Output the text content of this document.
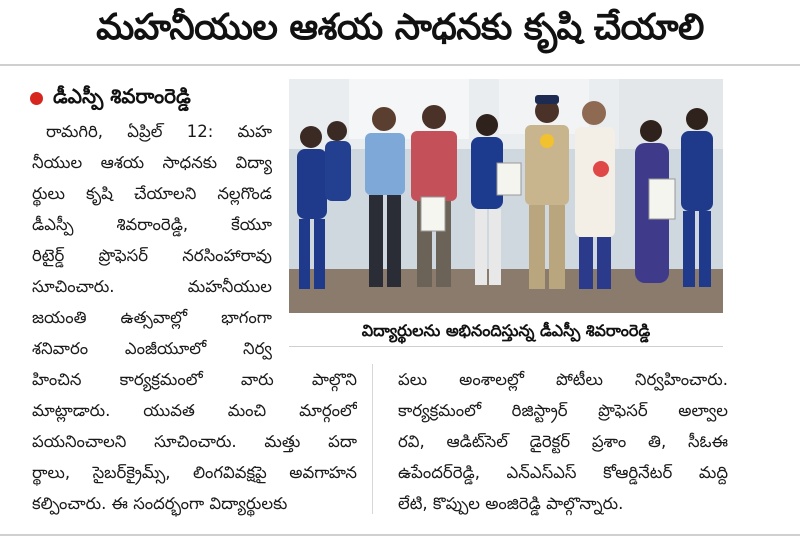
మహనీయుల ఆశయ సాధనకు కృషి చేయాలి
డీఎస్పీ శివరాంరెడ్డి
రామగిరి, ఏప్రిల్ 12: మహ
నీయుల ఆశయ సాధనకు విద్యా
ర్థులు కృషి చేయాలని నల్లగొండ
డీఎస్పీ శివరాంరెడ్డి, కేయూ
రిటైర్డ్ ప్రొఫెసర్ నరసింహారావు
సూచించారు. మహనీయుల
జయంతి ఉత్సవాల్లో భాగంగా
శనివారం ఎంజీయూలో నిర్వ
విద్యార్థులను అభినందిస్తున్న డీఎస్పీ శివరాంరెడ్డి
హించిన కార్యక్రమంలో వారు పాల్గొని
మాట్లాడారు. యువత మంచి మార్గంలో
పయనించాలని సూచించారు. మత్తు పదా
ర్థాలు, సైబర్‌క్రైమ్స్, లింగవివక్షపై అవగాహన
కల్పించారు. ఈ సందర్భంగా విద్యార్థులకు
పలు అంశాలల్లో పోటీలు నిర్వహించారు.
కార్యక్రమంలో రిజిస్ట్రార్ ప్రొఫెసర్ అల్వాల
రవి, ఆడిట్‌సెల్ డైరెక్టర్ ప్రశాం తి, సీఓఈ
ఉపేందర్‌రెడ్డి, ఎన్‌ఎస్‌ఎస్ కోఆర్డినేటర్ మద్ది
లేటి, కొప్పుల అంజిరెడ్డి పాల్గొన్నారు.
